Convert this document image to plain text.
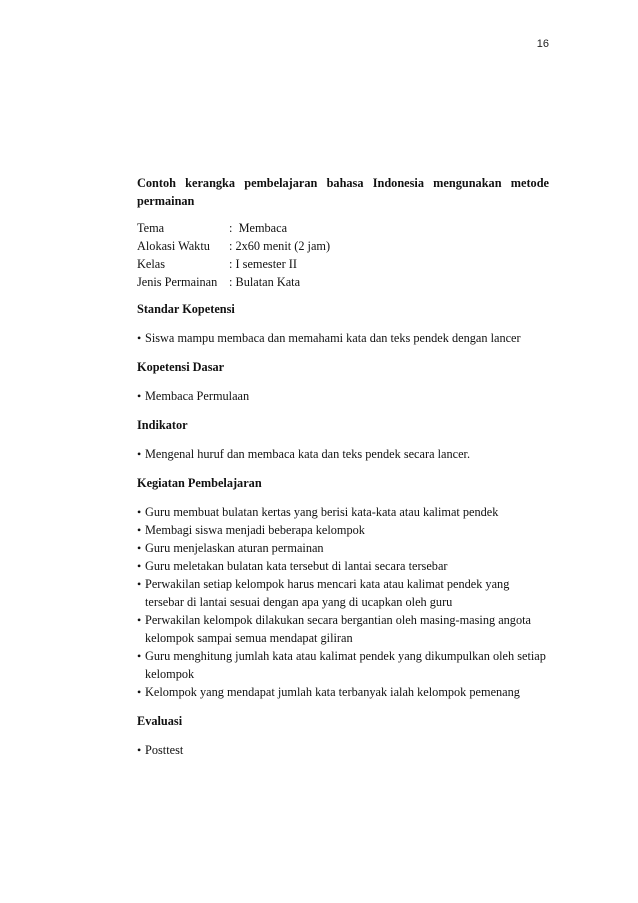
16

Contoh kerangka pembelajaran bahasa Indonesia mengunakan metode
permainan

Tema	:  Membaca
Alokasi Waktu	: 2x60 menit (2 jam)
Kelas	: I semester II
Jenis Permainan : Bulatan Kata
Standar Kopetensi
• Siswa mampu membaca dan memahami kata dan teks pendek dengan lancer
Kopetensi Dasar
• Membaca Permulaan
Indikator
• Mengenal huruf dan membaca kata dan teks pendek secara lancer.
Kegiatan Pembelajaran
• Guru membuat bulatan kertas yang berisi kata-kata atau kalimat pendek
• Membagi siswa menjadi beberapa kelompok
• Guru menjelaskan aturan permainan
• Guru meletakan bulatan kata tersebut di lantai secara tersebar
• Perwakilan setiap kelompok harus mencari kata atau kalimat pendek yang tersebar di lantai sesuai dengan apa yang di ucapkan oleh guru
• Perwakilan kelompok dilakukan secara bergantian oleh masing-masing angota kelompok sampai semua mendapat giliran
• Guru menghitung jumlah kata atau kalimat pendek yang dikumpulkan oleh setiap kelompok
• Kelompok yang mendapat jumlah kata terbanyak ialah kelompok pemenang
Evaluasi
• Posttest
